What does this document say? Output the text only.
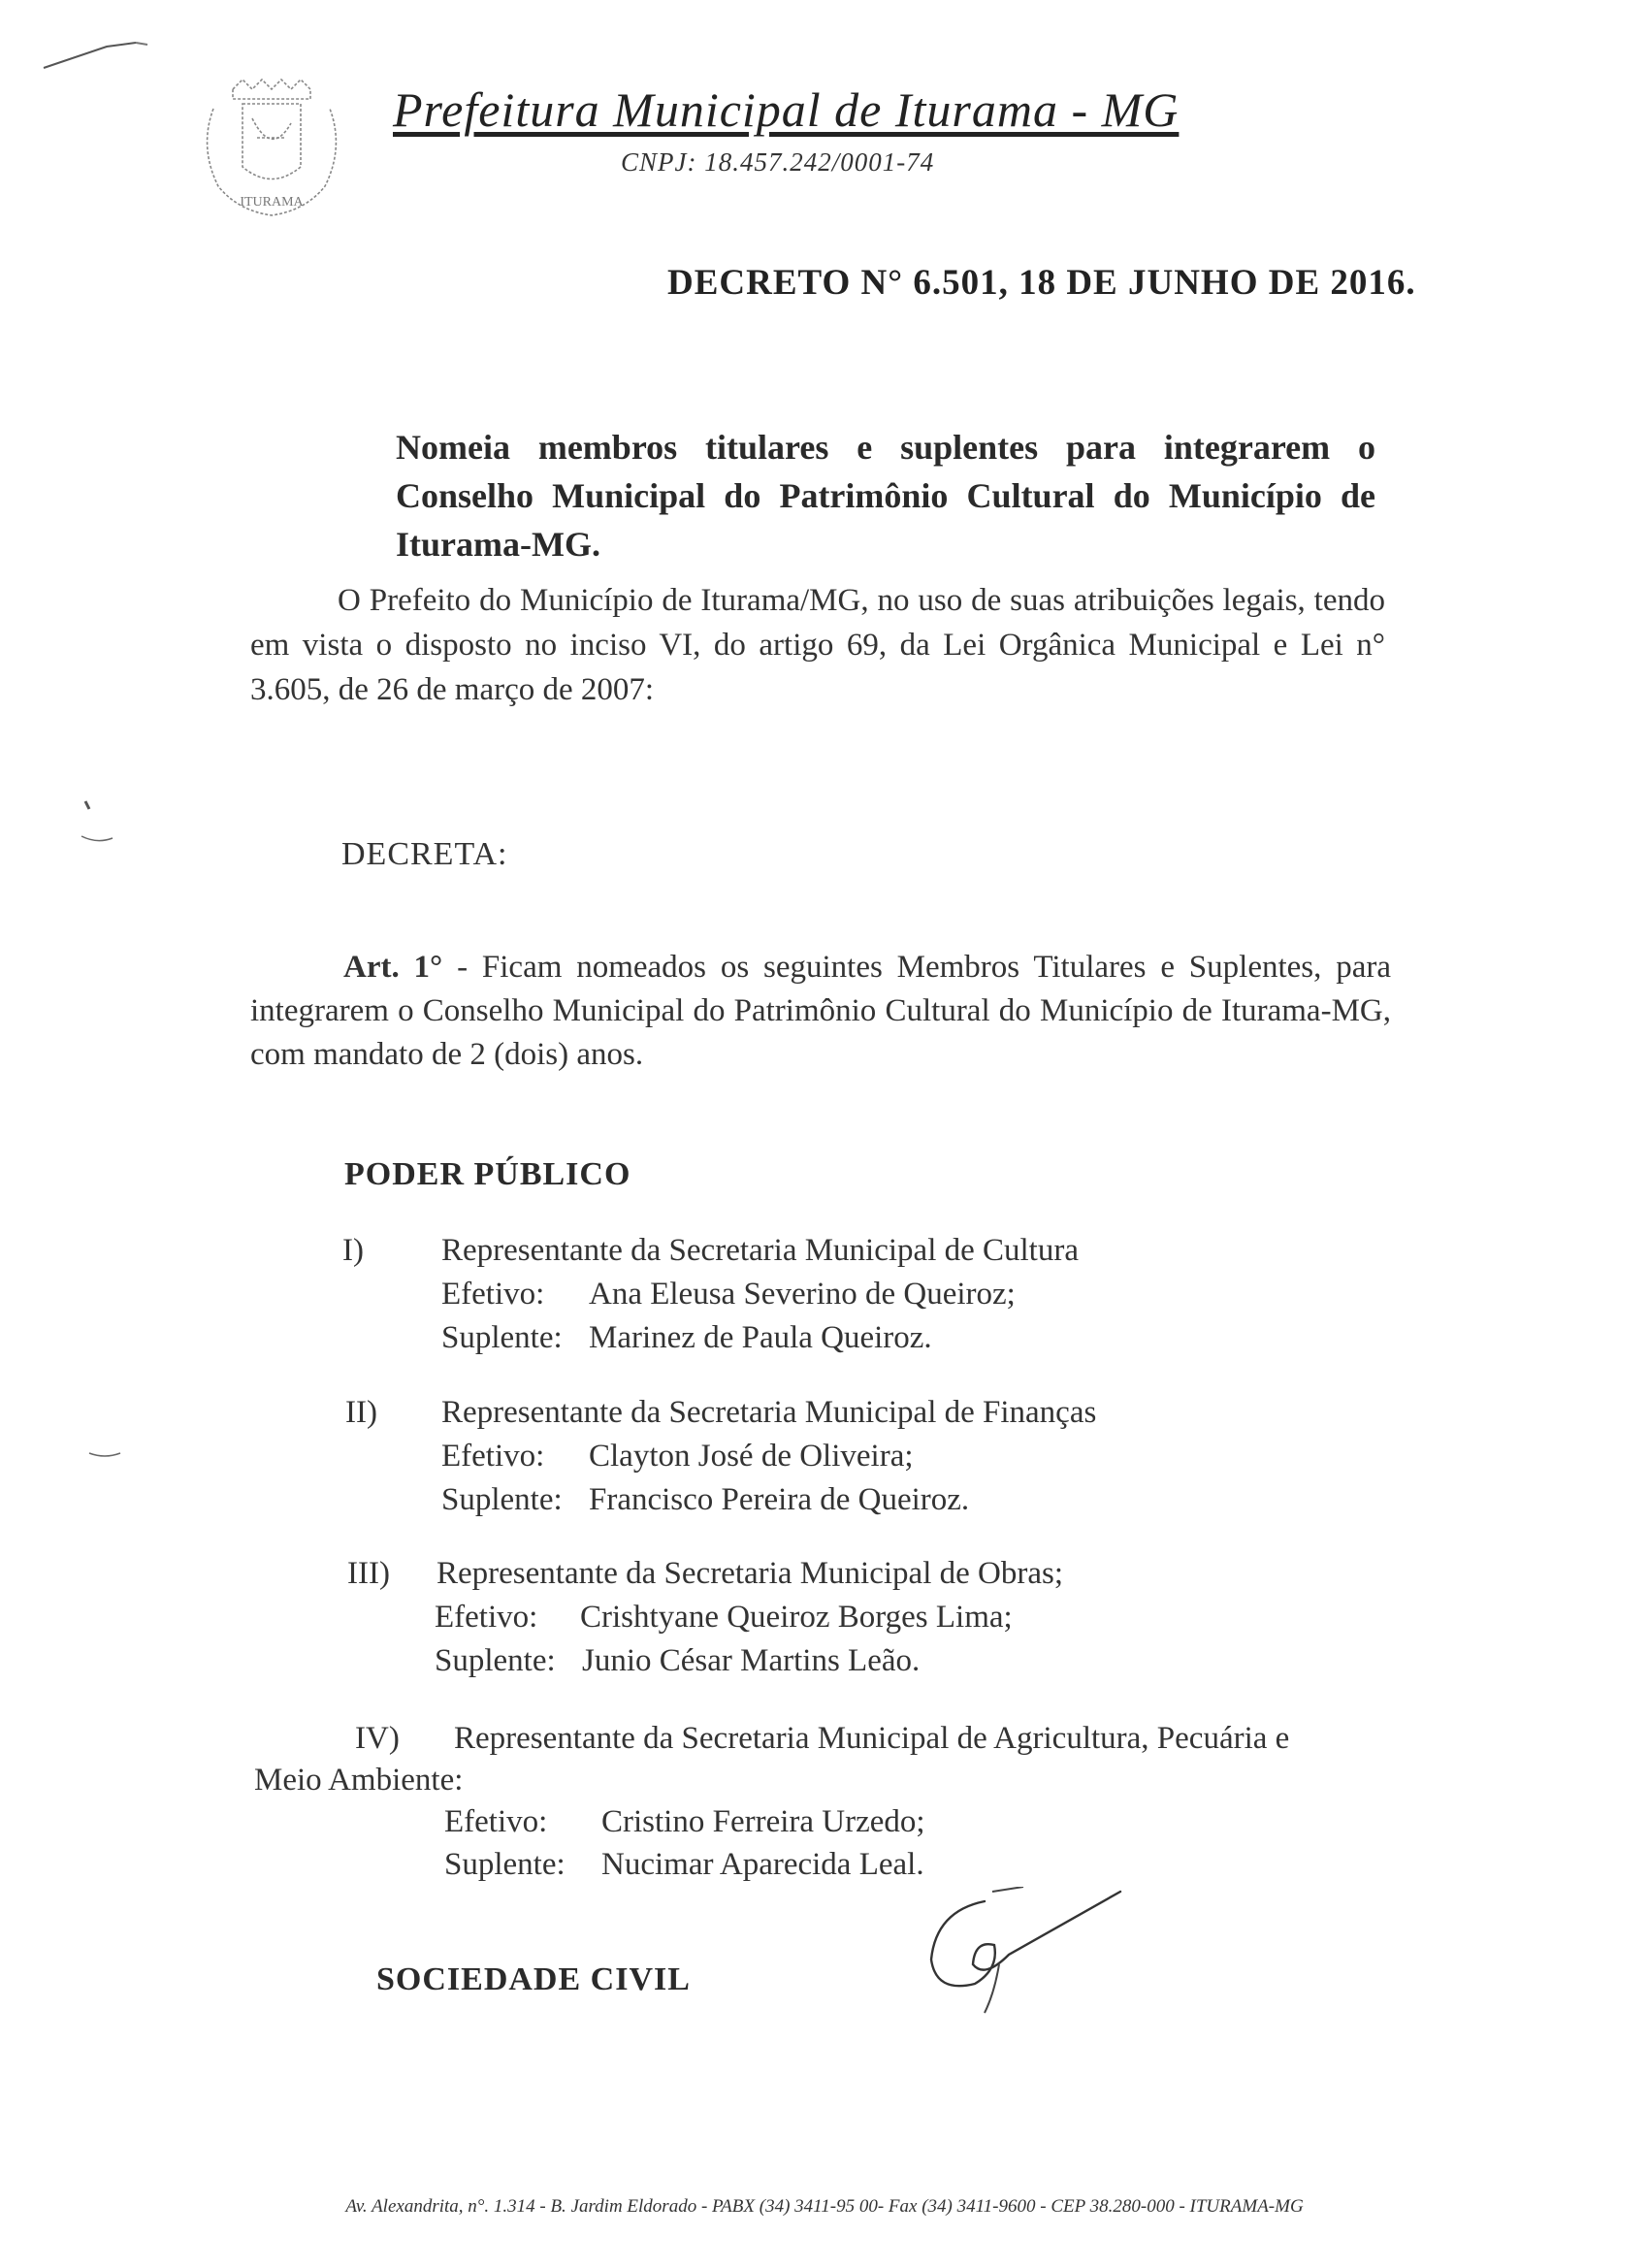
ITURAMA
Prefeitura Municipal de Iturama - MG
CNPJ: 18.457.242/0001-74
DECRETO N° 6.501, 18 DE JUNHO DE 2016.
Nomeia membros titulares e suplentes para integrarem o Conselho Municipal do Patrimônio Cultural do Município de Iturama-MG.
O Prefeito do Município de Iturama/MG, no uso de suas atribuições legais, tendo em vista o disposto no inciso VI, do artigo 69, da Lei Orgânica Municipal e Lei n° 3.605, de 26 de março de 2007:
DECRETA:
Art. 1° - Ficam nomeados os seguintes Membros Titulares e Suplentes, para integrarem o Conselho Municipal do Patrimônio Cultural do Município de Iturama-MG, com mandato de 2 (dois) anos.
PODER PÚBLICO
I) Representante da Secretaria Municipal de Cultura
Efetivo: Ana Eleusa Severino de Queiroz;
Suplente: Marinez de Paula Queiroz.
II) Representante da Secretaria Municipal de Finanças
Efetivo: Clayton José de Oliveira;
Suplente: Francisco Pereira de Queiroz.
III) Representante da Secretaria Municipal de Obras;
Efetivo: Crishtyane Queiroz Borges Lima;
Suplente: Junio César Martins Leão.
IV) Representante da Secretaria Municipal de Agricultura, Pecuária e
Meio Ambiente:
Efetivo: Cristino Ferreira Urzedo;
Suplente: Nucimar Aparecida Leal.
SOCIEDADE CIVIL
Av. Alexandrita, n°. 1.314 - B. Jardim Eldorado - PABX (34) 3411-95 00- Fax (34) 3411-9600 - CEP 38.280-000 - ITURAMA-MG
